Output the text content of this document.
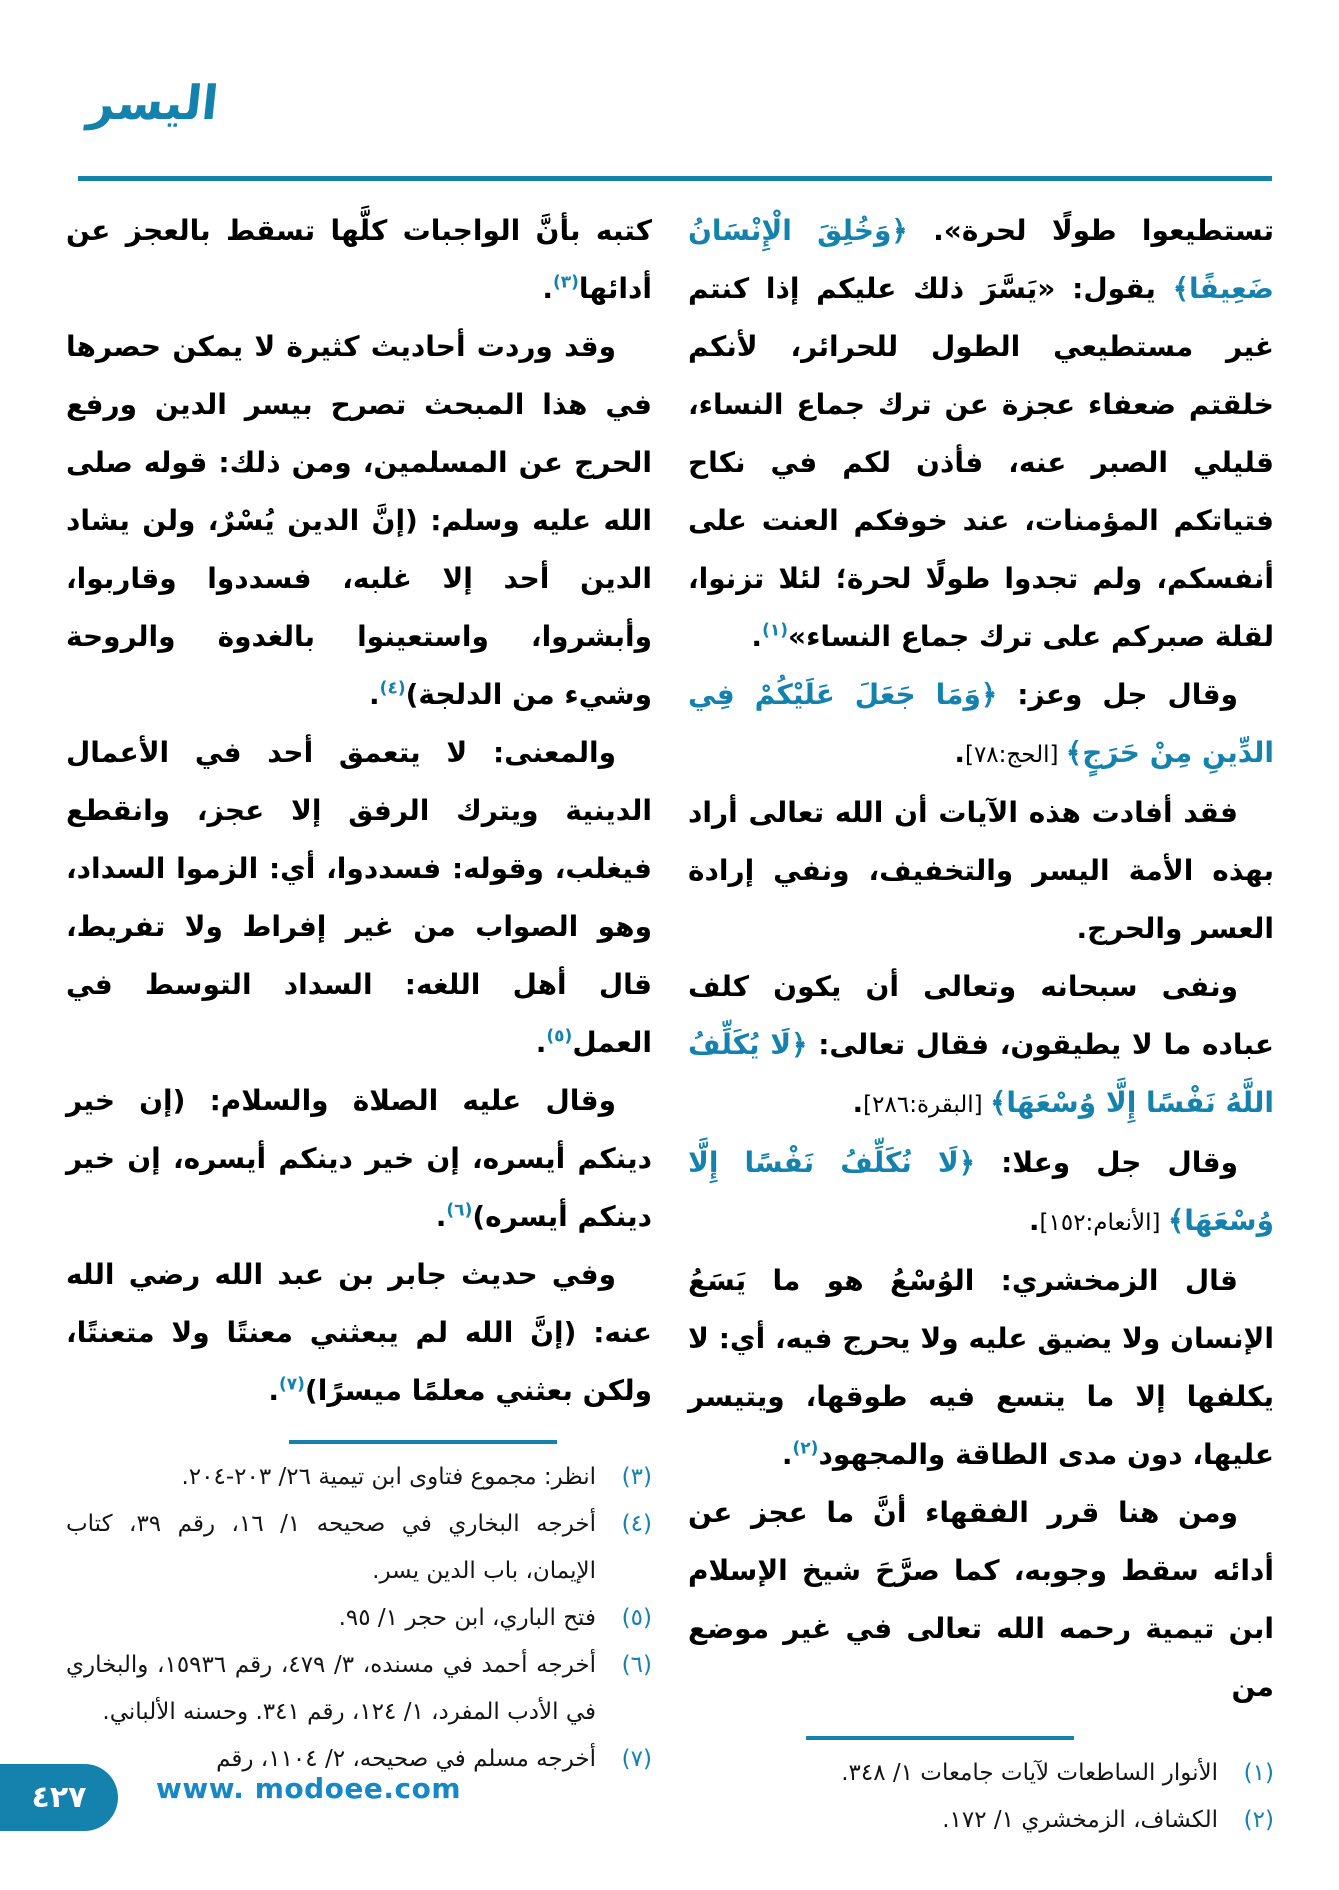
اليسر

تستطيعوا طولًا لحرة». ﴿وَخُلِقَ الْإِنْسَانُ ضَعِيفًا﴾ يقول: «يَسَّرَ ذلك عليكم إذا كنتم غير مستطيعي الطول للحرائر، لأنكم خلقتم ضعفاء عجزة عن ترك جماع النساء، قليلي الصبر عنه، فأذن لكم في نكاح فتياتكم المؤمنات، عند خوفكم العنت على أنفسكم، ولم تجدوا طولًا لحرة؛ لئلا تزنوا، لقلة صبركم على ترك جماع النساء»$^{(١)}$.

وقال جل وعز: ﴿وَمَا جَعَلَ عَلَيْكُمْ فِي الدِّينِ مِنْ حَرَجٍ﴾ [الحج:٧٨].

فقد أفادت هذه الآيات أن الله تعالى أراد بهذه الأمة اليسر والتخفيف، ونفي إرادة العسر والحرج.

ونفى سبحانه وتعالى أن يكون كلف عباده ما لا يطيقون، فقال تعالى: ﴿لَا يُكَلِّفُ اللَّهُ نَفْسًا إِلَّا وُسْعَهَا﴾ [البقرة:٢٨٦].

وقال جل وعلا: ﴿لَا نُكَلِّفُ نَفْسًا إِلَّا وُسْعَهَا﴾ [الأنعام:١٥٢].

قال الزمخشري: الوُسْعُ هو ما يَسَعُ الإنسان ولا يضيق عليه ولا يحرج فيه، أي: لا يكلفها إلا ما يتسع فيه طوقها، ويتيسر عليها، دون مدى الطاقة والمجهود$^{(٢)}$.

ومن هنا قرر الفقهاء أنَّ ما عجز عن أدائه سقط وجوبه، كما صرَّحَ شيخ الإسلام ابن تيمية رحمه الله تعالى في غير موضع من

(١)
الأنوار الساطعات لآيات جامعات ١/ ٣٤٨.
(٢)
الكشاف، الزمخشري ١/ ١٧٢.

كتبه بأنَّ الواجبات كلَّها تسقط بالعجز عن أدائها$^{(٣)}$.

وقد وردت أحاديث كثيرة لا يمكن حصرها في هذا المبحث تصرح بيسر الدين ورفع الحرج عن المسلمين، ومن ذلك: قوله صلى الله عليه وسلم: (إنَّ الدين يُسْرٌ، ولن يشاد الدين أحد إلا غلبه، فسددوا وقاربوا، وأبشروا، واستعينوا بالغدوة والروحة وشيء من الدلجة)$^{(٤)}$.

والمعنى: لا يتعمق أحد في الأعمال الدينية ويترك الرفق إلا عجز، وانقطع فيغلب، وقوله: فسددوا، أي: الزموا السداد، وهو الصواب من غير إفراط ولا تفريط، قال أهل اللغه: السداد التوسط في العمل$^{(٥)}$.

وقال عليه الصلاة والسلام: (إن خير دينكم أيسره، إن خير دينكم أيسره، إن خير دينكم أيسره)$^{(٦)}$.

وفي حديث جابر بن عبد الله رضي الله عنه: (إنَّ الله لم يبعثني معنتًا ولا متعنتًا، ولكن بعثني معلمًا ميسرًا)$^{(٧)}$.

(٣)
انظر: مجموع فتاوى ابن تيمية ٢٦/ ٢٠٣-٢٠٤.
(٤)
أخرجه البخاري في صحيحه ١/ ١٦، رقم ٣٩، كتاب الإيمان، باب الدين يسر.
(٥)
فتح الباري، ابن حجر ١/ ٩٥.
(٦)
أخرجه أحمد في مسنده، ٣/ ٤٧٩، رقم ١٥٩٣٦، والبخاري في الأدب المفرد، ١/ ١٢٤، رقم ٣٤١. وحسنه الألباني.
(٧)
أخرجه مسلم في صحيحه، ٢/ ١١٠٤، رقم
٤٢٧ www. modoee.com
